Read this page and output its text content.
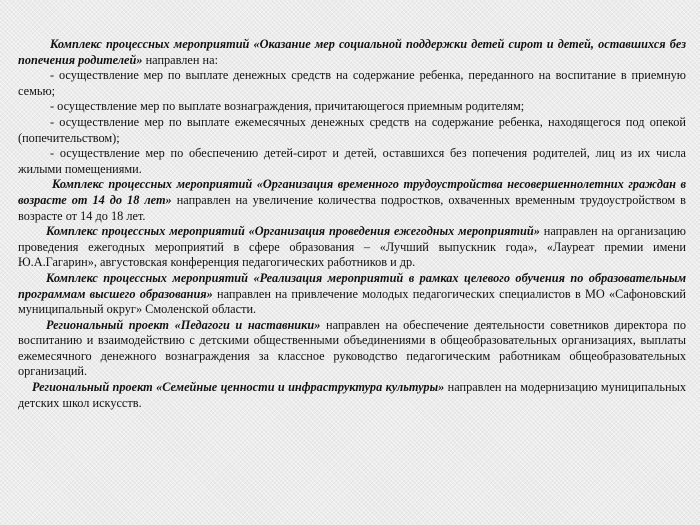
Комплекс процессных мероприятий «Оказание мер социальной поддержки детей сирот и детей, оставшихся без попечения родителей» направлен на:

- осуществление мер по выплате денежных средств на содержание ребенка, переданного на воспитание в приемную семью;

- осуществление мер по выплате вознаграждения, причитающегося приемным родителям;

- осуществление мер по выплате ежемесячных денежных средств на содержание ребенка, находящегося под опекой (попечительством);

- осуществление мер по обеспечению детей-сирот и детей, оставшихся без попечения родителей, лиц из их числа жилыми помещениями.

Комплекс процессных мероприятий «Организация временного трудоустройства несовершеннолетних граждан в возрасте от 14 до 18 лет» направлен на увеличение количества подростков, охваченных временным трудоустройством в возрасте от 14 до 18 лет.

Комплекс процессных мероприятий «Организация проведения ежегодных мероприятий» направлен на организацию проведения ежегодных мероприятий в сфере образования – «Лучший выпускник года», «Лауреат премии имени Ю.А.Гагарин», августовская конференция педагогических работников и др.

Комплекс процессных мероприятий «Реализация мероприятий в рамках целевого обучения по образовательным программам высшего образования» направлен на привлечение молодых педагогических специалистов в МО «Сафоновский муниципальный округ» Смоленской области.

Региональный проект «Педагоги и наставники» направлен на обеспечение деятельности советников директора по воспитанию и взаимодействию с детскими общественными объединениями в общеобразовательных организациях, выплаты ежемесячного денежного вознаграждения за классное руководство педагогическим работникам общеобразовательных организаций.

Региональный проект «Семейные ценности и инфраструктура культуры» направлен на модернизацию муниципальных детских школ искусств.
